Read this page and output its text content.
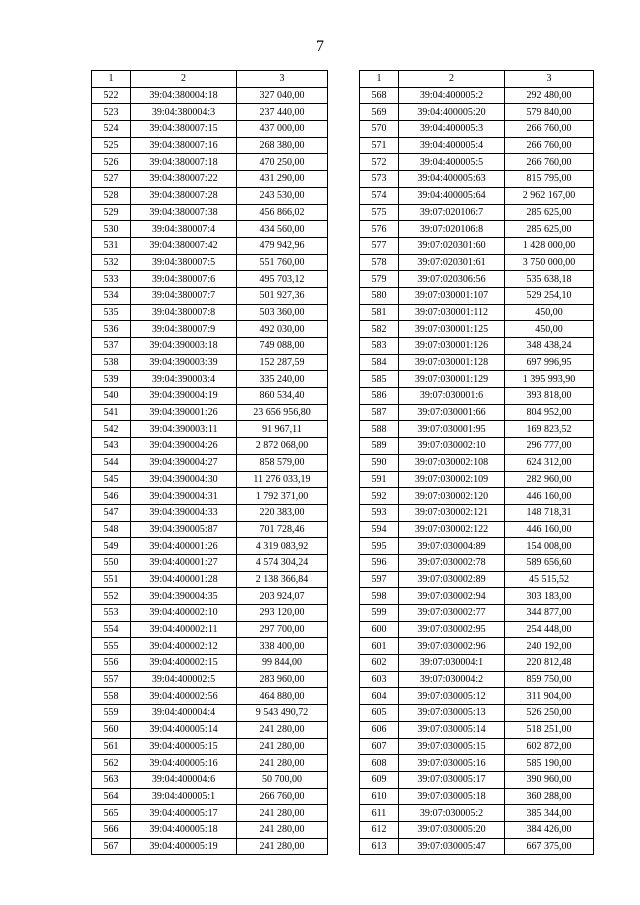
7
1	2	3
522	39:04:380004:18	327 040,00
523	39:04:380004:3	237 440,00
524	39:04:380007:15	437 000,00
525	39:04:380007:16	268 380,00
526	39:04:380007:18	470 250,00
527	39:04:380007:22	431 290,00
528	39:04:380007:28	243 530,00
529	39:04:380007:38	456 866,02
530	39:04:380007:4	434 560,00
531	39:04:380007:42	479 942,96
532	39:04:380007:5	551 760,00
533	39:04:380007:6	495 703,12
534	39:04:380007:7	501 927,36
535	39:04:380007:8	503 360,00
536	39:04:380007:9	492 030,00
537	39:04:390003:18	749 088,00
538	39:04:390003:39	152 287,59
539	39:04:390003:4	335 240,00
540	39:04:390004:19	860 534,40
541	39:04:390001:26	23 656 956,80
542	39:04:390003:11	91 967,11
543	39:04:390004:26	2 872 068,00
544	39:04:390004:27	858 579,00
545	39:04:390004:30	11 276 033,19
546	39:04:390004:31	1 792 371,00
547	39:04:390004:33	220 383,00
548	39:04:390005:87	701 728,46
549	39:04:400001:26	4 319 083,92
550	39:04:400001:27	4 574 304,24
551	39:04:400001:28	2 138 366,84
552	39:04:390004:35	203 924,07
553	39:04:400002:10	293 120,00
554	39:04:400002:11	297 700,00
555	39:04:400002:12	338 400,00
556	39:04:400002:15	99 844,00
557	39:04:400002:5	283 960,00
558	39:04:400002:56	464 880,00
559	39:04:400004:4	9 543 490,72
560	39:04:400005:14	241 280,00
561	39:04:400005:15	241 280,00
562	39:04:400005:16	241 280,00
563	39:04:400004:6	50 700,00
564	39:04:400005:1	266 760,00
565	39:04:400005:17	241 280,00
566	39:04:400005:18	241 280,00
567	39:04:400005:19	241 280,00
1	2	3
568	39:04:400005:2	292 480,00
569	39:04:400005:20	579 840,00
570	39:04:400005:3	266 760,00
571	39:04:400005:4	266 760,00
572	39:04:400005:5	266 760,00
573	39:04:400005:63	815 795,00
574	39:04:400005:64	2 962 167,00
575	39:07:020106:7	285 625,00
576	39:07:020106:8	285 625,00
577	39:07:020301:60	1 428 000,00
578	39:07:020301:61	3 750 000,00
579	39:07:020306:56	535 638,18
580	39:07:030001:107	529 254,10
581	39:07:030001:112	450,00
582	39:07:030001:125	450,00
583	39:07:030001:126	348 438,24
584	39:07:030001:128	697 996,95
585	39:07:030001:129	1 395 993,90
586	39:07:030001:6	393 818,00
587	39:07:030001:66	804 952,00
588	39:07:030001:95	169 823,52
589	39:07:030002:10	296 777,00
590	39:07:030002:108	624 312,00
591	39:07:030002:109	282 960,00
592	39:07:030002:120	446 160,00
593	39:07:030002:121	148 718,31
594	39:07:030002:122	446 160,00
595	39:07:030004:89	154 008,00
596	39:07:030002:78	589 656,60
597	39:07:030002:89	45 515,52
598	39:07:030002:94	303 183,00
599	39:07:030002:77	344 877,00
600	39:07:030002:95	254 448,00
601	39:07:030002:96	240 192,00
602	39:07:030004:1	220 812,48
603	39:07:030004:2	859 750,00
604	39:07:030005:12	311 904,00
605	39:07:030005:13	526 250,00
606	39:07:030005:14	518 251,00
607	39:07:030005:15	602 872,00
608	39:07:030005:16	585 190,00
609	39:07:030005:17	390 960,00
610	39:07:030005:18	360 288,00
611	39:07:030005:2	385 344,00
612	39:07:030005:20	384 426,00
613	39:07:030005:47	667 375,00
